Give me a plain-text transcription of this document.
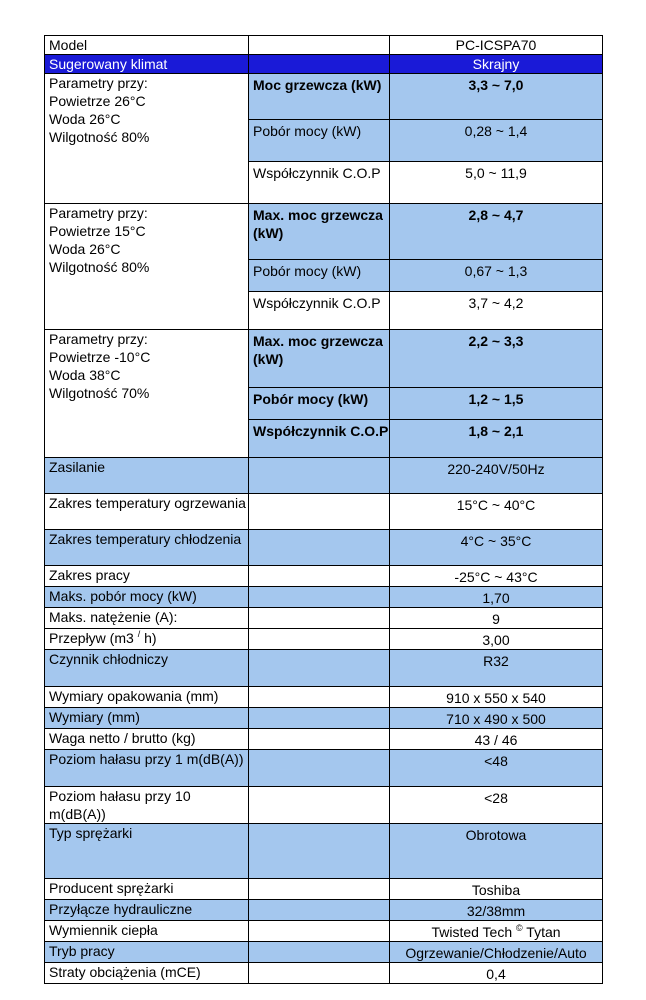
Model		PC-ICSPA70
Sugerowany klimat		Skrajny

Parametry przy:
Powietrze 26°C
Woda 26°C
Wilgotność 80%	Moc grzewcza (kW)	3,3 ~ 7,0
	Pobór mocy (kW)	0,28 ~ 1,4
	Współczynnik C.O.P	5,0 ~ 11,9

Parametry przy:
Powietrze 15°C
Woda 26°C
Wilgotność 80%	Max. moc grzewcza (kW)	2,8 ~ 4,7
	Pobór mocy (kW)	0,67 ~ 1,3
	Współczynnik C.O.P	3,7 ~ 4,2

Parametry przy:
Powietrze -10°C
Woda 38°C
Wilgotność 70%	Max. moc grzewcza (kW)	2,2 ~ 3,3
	Pobór mocy (kW)	1,2 ~ 1,5
	Współczynnik C.O.P	1,8 ~ 2,1
Zasilanie		220-240V/50Hz
Zakres temperatury ogrzewania		15°C ~ 40°C
Zakres temperatury chłodzenia		4°C ~ 35°C
Zakres pracy		-25°C ~ 43°C
Maks. pobór mocy (kW)		1,70
Maks. natężenie (A):		9
Przepływ (m3 / h)		3,00
Czynnik chłodniczy		R32
Wymiary opakowania (mm)		910 x 550 x 540
Wymiary (mm)		710 x 490 x 500
Waga netto / brutto (kg)		43 / 46
Poziom hałasu przy 1 m(dB(A))		<48
Poziom hałasu przy 10 m(dB(A))		<28
Typ sprężarki		Obrotowa
Producent sprężarki		Toshiba
Przyłącze hydrauliczne		32/38mm
Wymiennik ciepła		Twisted Tech © Tytan
Tryb pracy		Ogrzewanie/Chłodzenie/Auto
Straty obciążenia (mCE)		0,4
